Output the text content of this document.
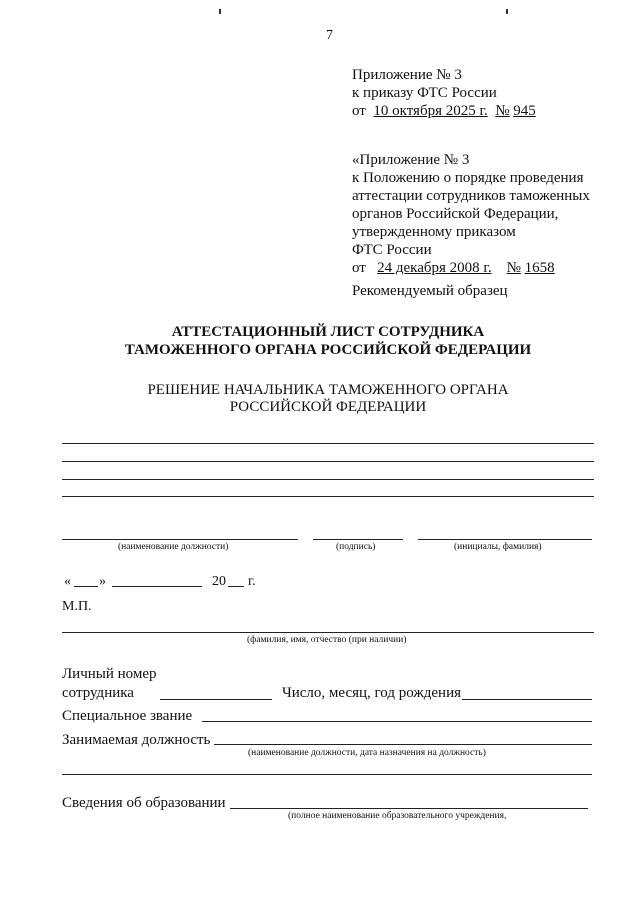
7
Приложение № 3
к приказу ФТС России
от 10 октября 2025 г. № 945
«Приложение № 3
к Положению о порядке проведения
аттестации сотрудников таможенных
органов Российской Федерации,
утвержденному приказом
ФТС России
от 24 декабря 2008 г. № 1658
Рекомендуемый образец
АТТЕСТАЦИОННЫЙ ЛИСТ СОТРУДНИКА
ТАМОЖЕННОГО ОРГАНА РОССИЙСКОЙ ФЕДЕРАЦИИ
РЕШЕНИЕ НАЧАЛЬНИКА ТАМОЖЕННОГО ОРГАНА
РОССИЙСКОЙ ФЕДЕРАЦИИ
(наименование должности)	(подпись)	(инициалы, фамилия)
« »	20 г.
М.П.
(фамилия, имя, отчество (при наличии)
Личный номер
сотрудника	Число, месяц, год рождения
Специальное звание
Занимаемая должность
(наименование должности, дата назначения на должность)
Сведения об образовании
(полное наименование образовательного учреждения,
